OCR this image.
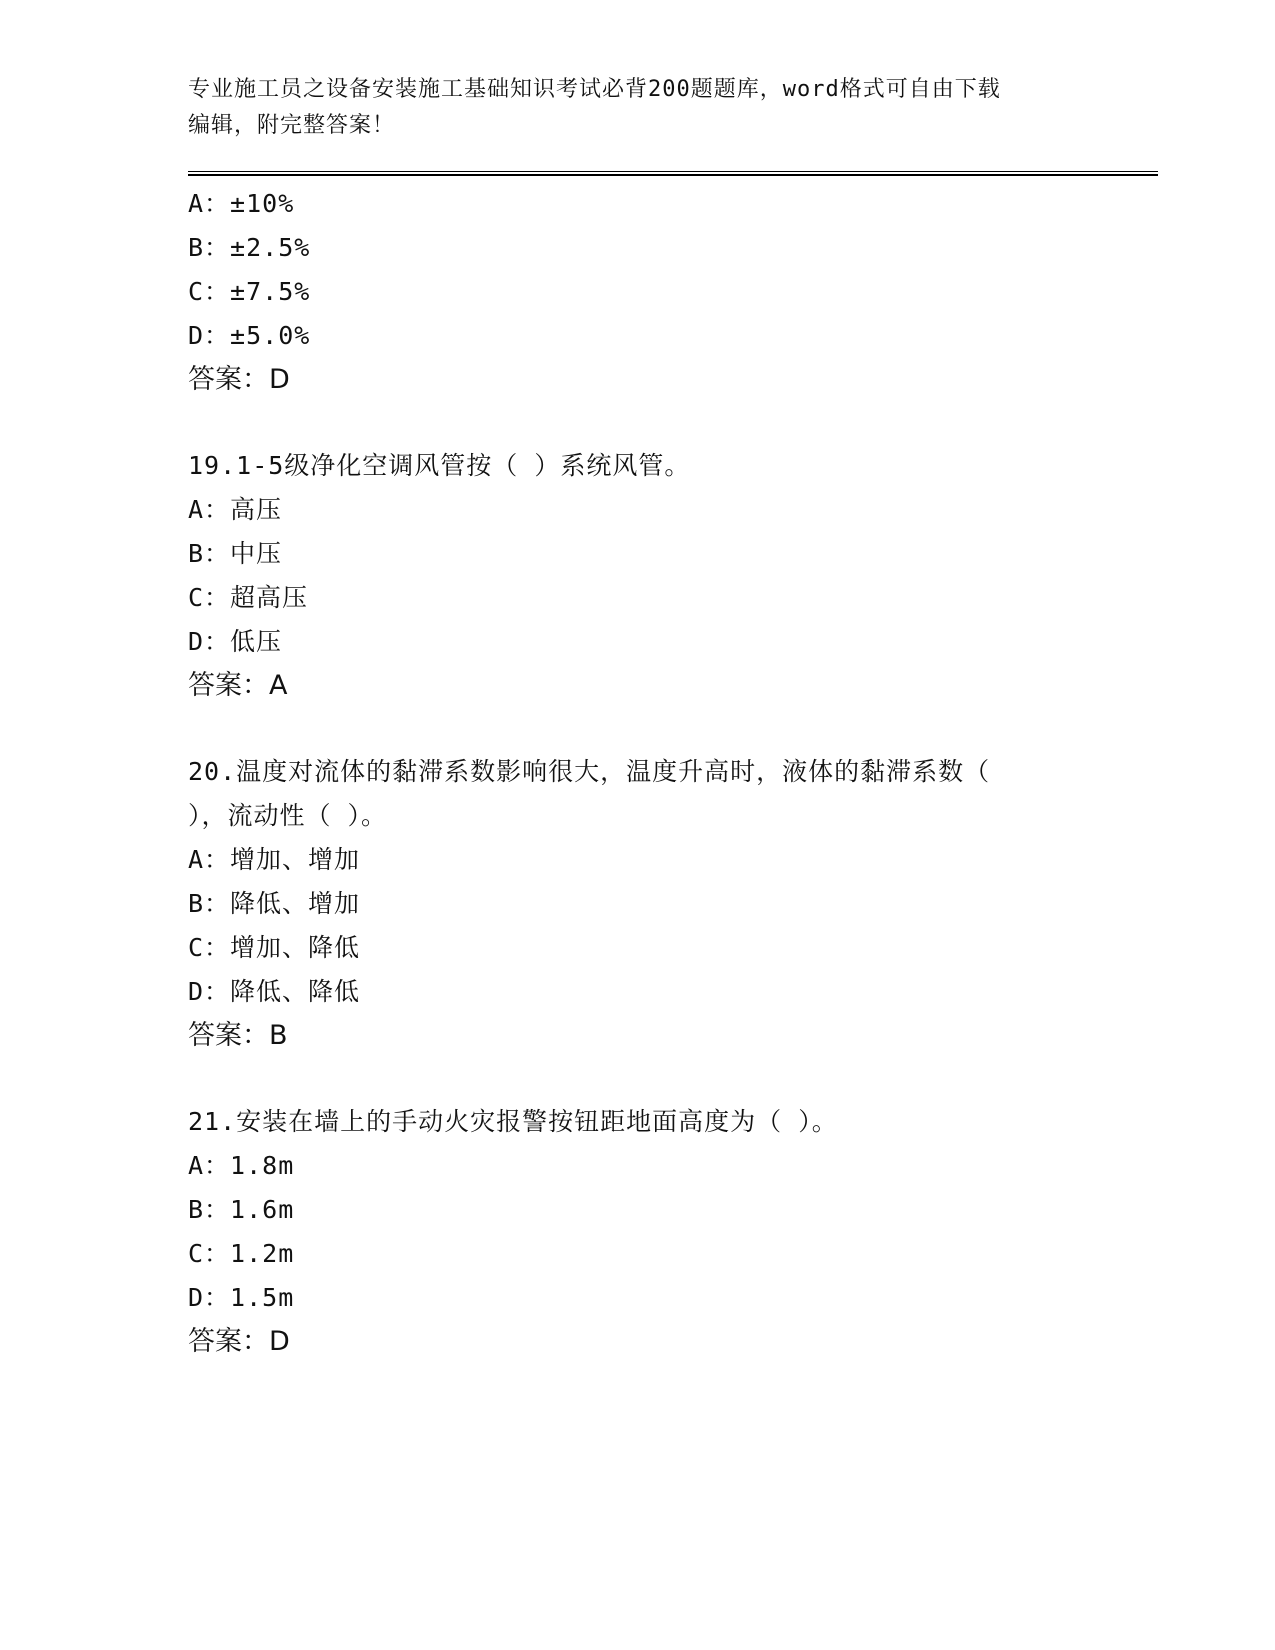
专业施工员之设备安装施工基础知识考试必背200题题库，word格式可自由下载
编辑，附完整答案！
A：±10%
B：±2.5%
C：±7.5%
D：±5.0%
答案：D
19.1-5级净化空调风管按（ ）系统风管。
A：高压
B：中压
C：超高压
D：低压
答案：A
20.温度对流体的黏滞系数影响很大，温度升高时，液体的黏滞系数（
），流动性（ ）。
A：增加、增加
B：降低、增加
C：增加、降低
D：降低、降低
答案：B
21.安装在墙上的手动火灾报警按钮距地面高度为（ ）。
A：1.8m
B：1.6m
C：1.2m
D：1.5m
答案：D
